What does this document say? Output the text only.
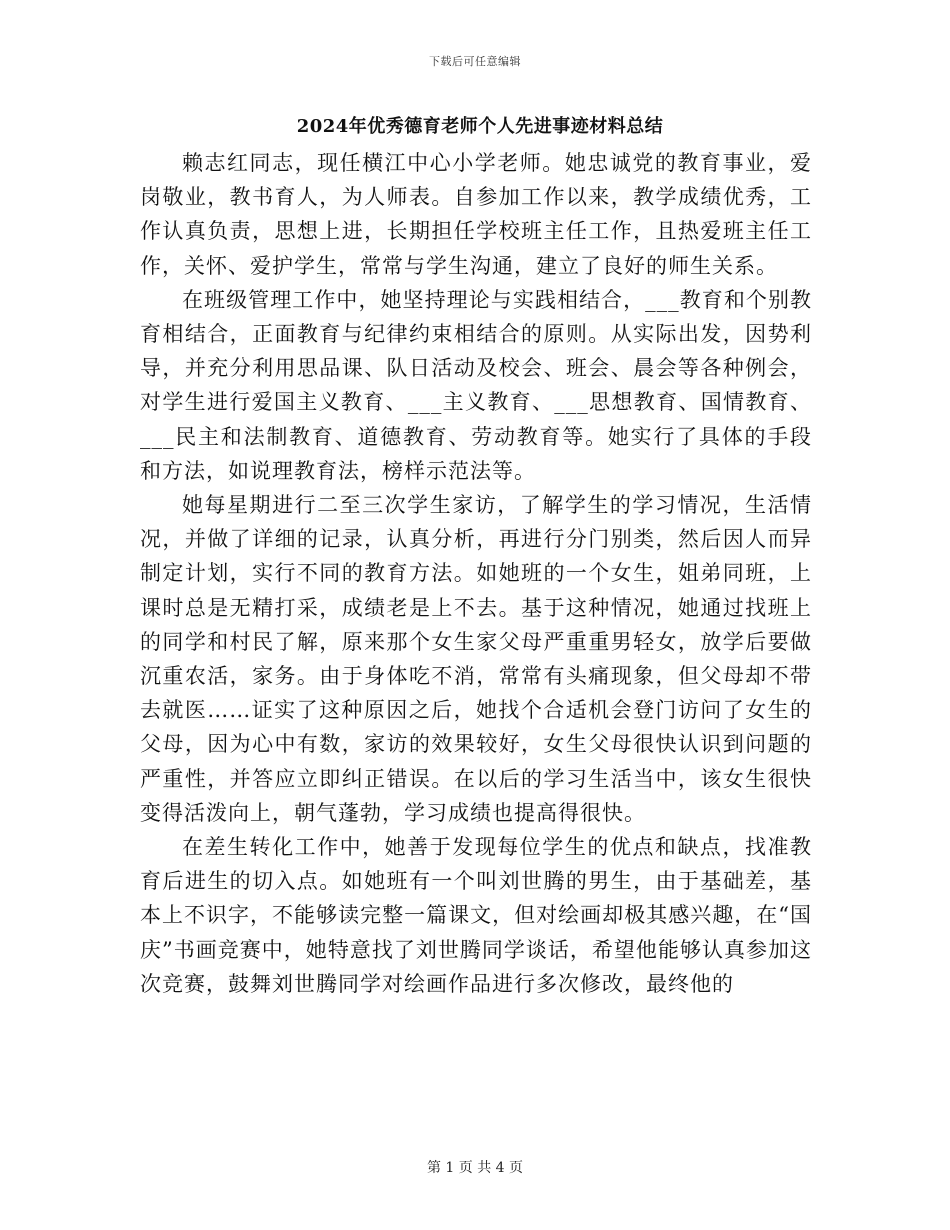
下载后可任意编辑
2024年优秀德育老师个人先进事迹材料总结

赖志红同志，现任横江中心小学老师。她忠诚党的教育事业，爱岗敬业，教书育人，为人师表。自参加工作以来，教学成绩优秀，工作认真负责，思想上进，长期担任学校班主任工作，且热爱班主任工作，关怀、爱护学生，常常与学生沟通，建立了良好的师生关系。

在班级管理工作中，她坚持理论与实践相结合，___教育和个别教育相结合，正面教育与纪律约束相结合的原则。从实际出发，因势利导，并充分利用思品课、队日活动及校会、班会、晨会等各种例会，对学生进行爱国主义教育、___主义教育、___思想教育、国情教育、___民主和法制教育、道德教育、劳动教育等。她实行了具体的手段和方法，如说理教育法，榜样示范法等。

她每星期进行二至三次学生家访，了解学生的学习情况，生活情况，并做了详细的记录，认真分析，再进行分门别类，然后因人而异制定计划，实行不同的教育方法。如她班的一个女生，姐弟同班，上课时总是无精打采，成绩老是上不去。基于这种情况，她通过找班上的同学和村民了解，原来那个女生家父母严重重男轻女，放学后要做沉重农活，家务。由于身体吃不消，常常有头痛现象，但父母却不带去就医……证实了这种原因之后，她找个合适机会登门访问了女生的父母，因为心中有数，家访的效果较好，女生父母很快认识到问题的严重性，并答应立即纠正错误。在以后的学习生活当中，该女生很快变得活泼向上，朝气蓬勃，学习成绩也提高得很快。

在差生转化工作中，她善于发现每位学生的优点和缺点，找准教育后进生的切入点。如她班有一个叫刘世腾的男生，由于基础差，基本上不识字，不能够读完整一篇课文，但对绘画却极其感兴趣，在“国庆”书画竞赛中，她特意找了刘世腾同学谈话，希望他能够认真参加这次竞赛，鼓舞刘世腾同学对绘画作品进行多次修改，最终他的

第 1 页 共 4 页
